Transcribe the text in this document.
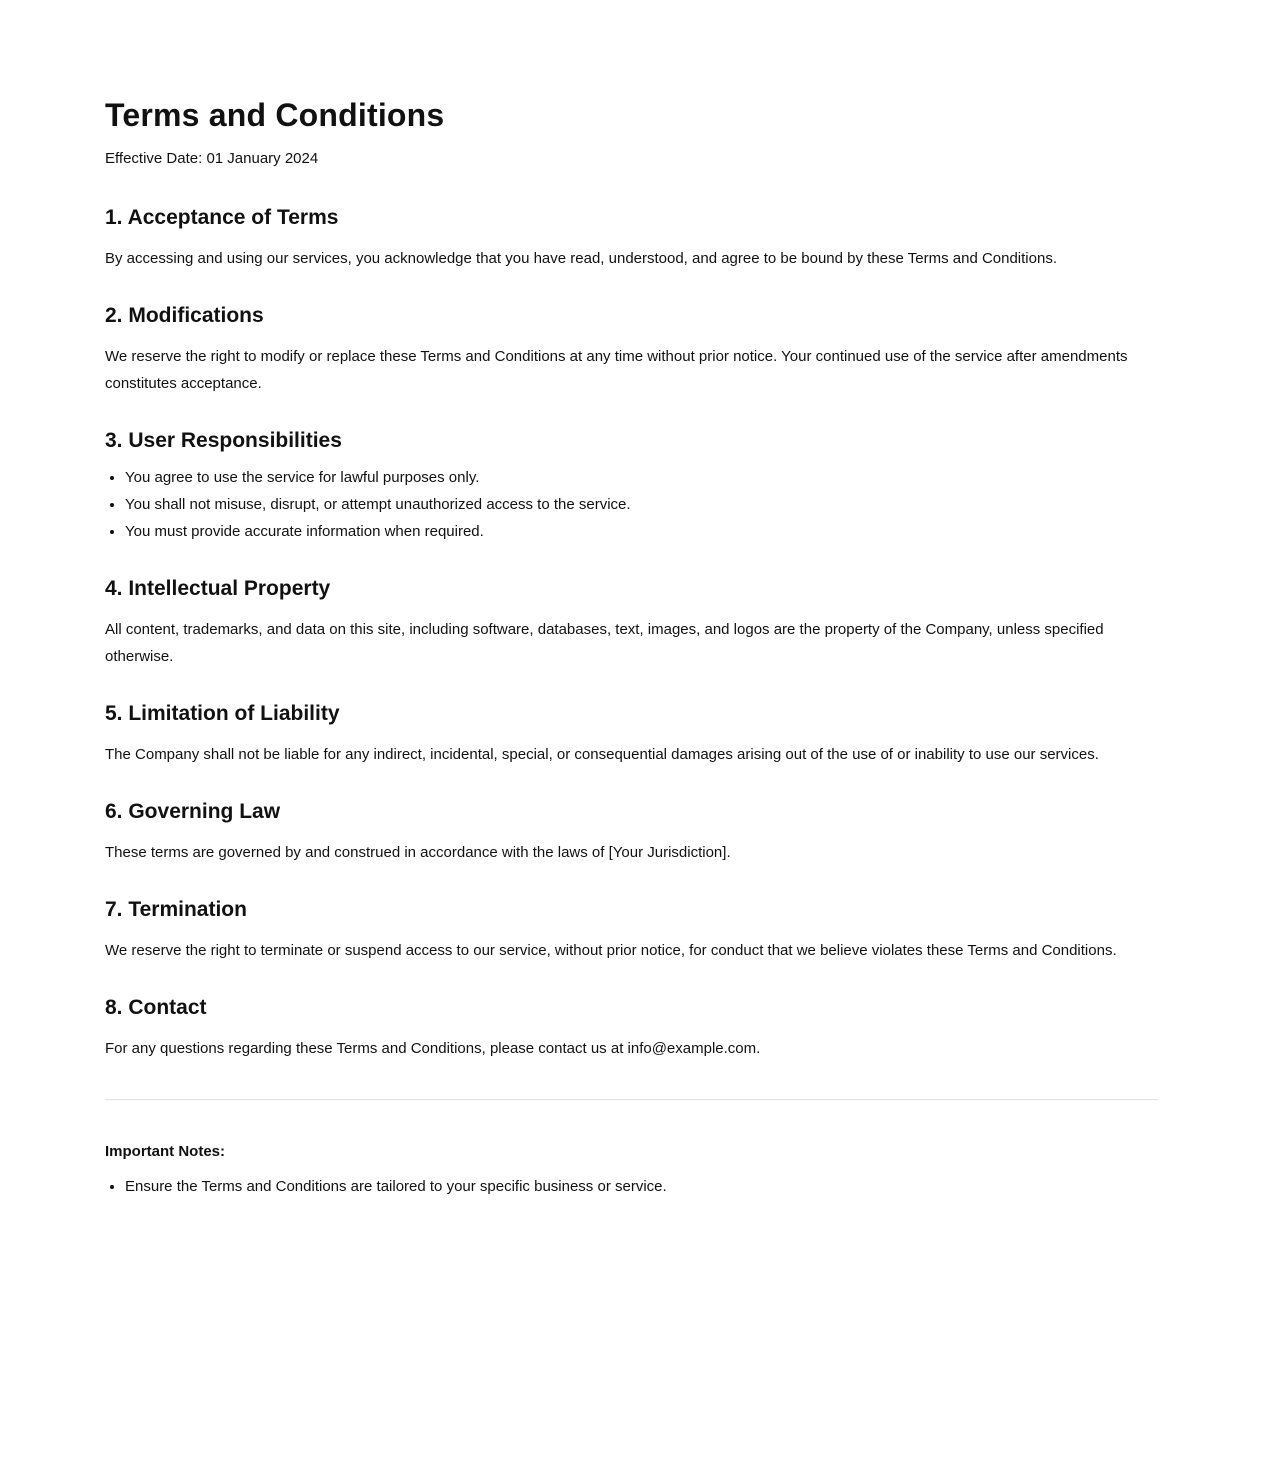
Terms and Conditions

Effective Date: 01 January 2024

1. Acceptance of Terms

By accessing and using our services, you acknowledge that you have read, understood, and agree to be bound by these Terms and Conditions.

2. Modifications

We reserve the right to modify or replace these Terms and Conditions at any time without prior notice. Your continued use of the service after amendments constitutes acceptance.

3. User Responsibilities
• You agree to use the service for lawful purposes only.
• You shall not misuse, disrupt, or attempt unauthorized access to the service.
• You must provide accurate information when required.
4. Intellectual Property

All content, trademarks, and data on this site, including software, databases, text, images, and logos are the property of the Company, unless specified otherwise.

5. Limitation of Liability

The Company shall not be liable for any indirect, incidental, special, or consequential damages arising out of the use of or inability to use our services.

6. Governing Law

These terms are governed by and construed in accordance with the laws of [Your Jurisdiction].

7. Termination

We reserve the right to terminate or suspend access to our service, without prior notice, for conduct that we believe violates these Terms and Conditions.

8. Contact

For any questions regarding these Terms and Conditions, please contact us at info@example.com.

Important Notes:

• Ensure the Terms and Conditions are tailored to your specific business or service.
